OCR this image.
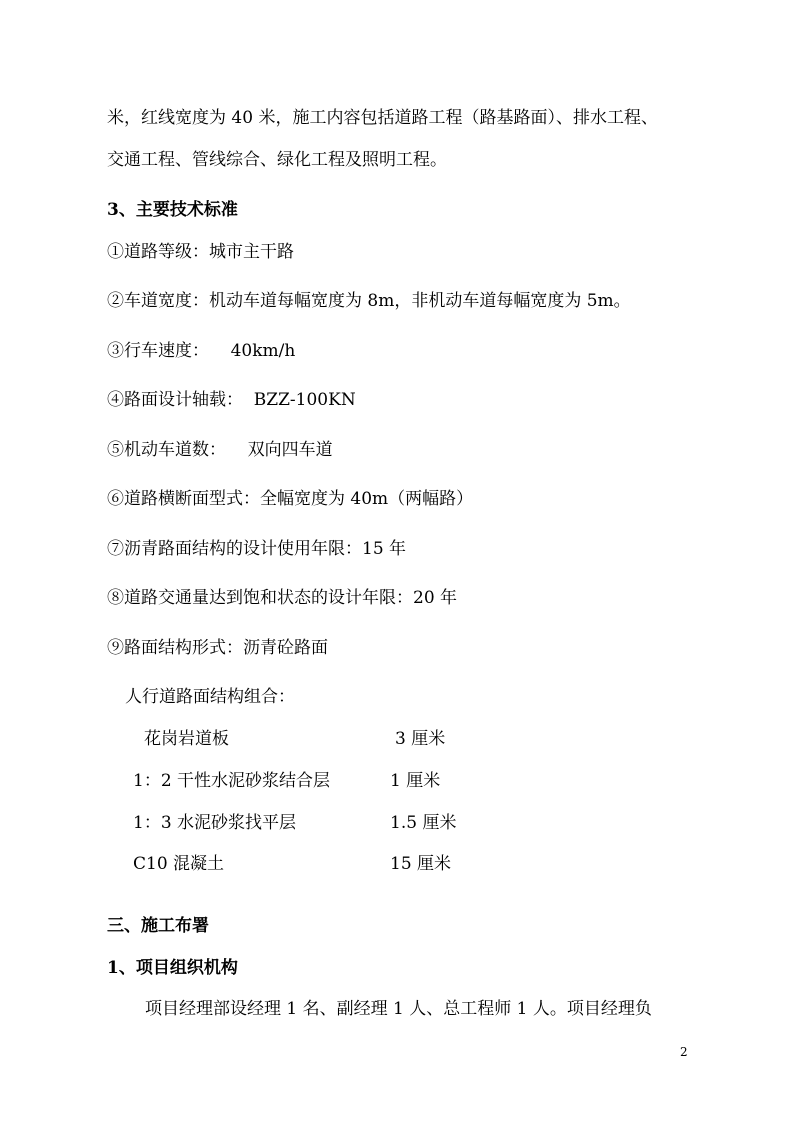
米，红线宽度为 40 米，施工内容包括道路工程（路基路面）、排水工程、
交通工程、管线综合、绿化工程及照明工程。
3、主要技术标准
①道路等级：城市主干路
②车道宽度：机动车道每幅宽度为 8m，非机动车道每幅宽度为 5m。
③行车速度：    40km/h
④路面设计轴载：  BZZ-100KN
⑤机动车道数：    双向四车道
⑥道路横断面型式：全幅宽度为 40m（两幅路）
⑦沥青路面结构的设计使用年限：15 年
⑧道路交通量达到饱和状态的设计年限：20 年
⑨路面结构形式：沥青砼路面
人行道路面结构组合：
花岗岩道板	3 厘米
1：2 干性水泥砂浆结合层	1 厘米
1：3 水泥砂浆找平层	1.5 厘米
C10 混凝土	15 厘米
三、施工布署
1、项目组织机构
项目经理部设经理 1 名、副经理 1 人、总工程师 1 人。项目经理负
2
